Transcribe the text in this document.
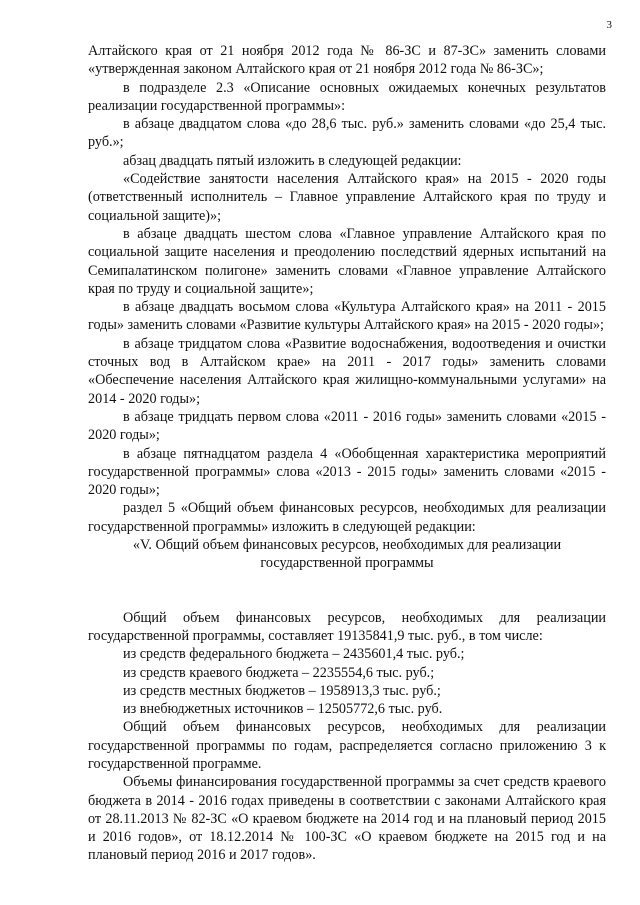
3

Алтайского края от 21 ноября 2012 года № 86-ЗС и 87-ЗС» заменить словами «утвержденная законом Алтайского края от 21 ноября 2012 года № 86-ЗС»;

в подразделе 2.3 «Описание основных ожидаемых конечных результатов реализации государственной программы»:

в абзаце двадцатом слова «до 28,6 тыс. руб.» заменить словами «до 25,4 тыс. руб.»;

абзац двадцать пятый изложить в следующей редакции:

«Содействие занятости населения Алтайского края» на 2015 - 2020 годы (ответственный исполнитель – Главное управление Алтайского края по труду и социальной защите)»;

в абзаце двадцать шестом слова «Главное управление Алтайского края по социальной защите населения и преодолению последствий ядерных испытаний на Семипалатинском полигоне» заменить словами «Главное управление Алтайского края по труду и социальной защите»;

в абзаце двадцать восьмом слова «Культура Алтайского края» на 2011 - 2015 годы» заменить словами «Развитие культуры Алтайского края» на 2015 - 2020 годы»;

в абзаце тридцатом слова «Развитие водоснабжения, водоотведения и очистки сточных вод в Алтайском крае» на 2011 - 2017 годы» заменить словами «Обеспечение населения Алтайского края жилищно-коммунальными услугами» на 2014 - 2020 годы»;

в абзаце тридцать первом слова «2011 - 2016 годы» заменить словами «2015 - 2020 годы»;

в абзаце пятнадцатом раздела 4 «Обобщенная характеристика мероприятий государственной программы» слова «2013 - 2015 годы» заменить словами «2015 - 2020 годы»;

раздел 5 «Общий объем финансовых ресурсов, необходимых для реализации государственной программы» изложить в следующей редакции:

«V. Общий объем финансовых ресурсов, необходимых для реализации

государственной программы

Общий объем финансовых ресурсов, необходимых для реализации государственной программы, составляет 19135841,9 тыс. руб., в том числе:

из средств федерального бюджета – 2435601,4 тыс. руб.;

из средств краевого бюджета – 2235554,6 тыс. руб.;

из средств местных бюджетов – 1958913,3 тыс. руб.;

из внебюджетных источников – 12505772,6 тыс. руб.

Общий объем финансовых ресурсов, необходимых для реализации государственной программы по годам, распределяется согласно приложению 3 к государственной программе.

Объемы финансирования государственной программы за счет средств краевого бюджета в 2014 - 2016 годах приведены в соответствии с законами Алтайского края от 28.11.2013 № 82-ЗС «О краевом бюджете на 2014 год и на плановый период 2015 и 2016 годов», от 18.12.2014 № 100-ЗС «О краевом бюджете на 2015 год и на плановый период 2016 и 2017 годов».
